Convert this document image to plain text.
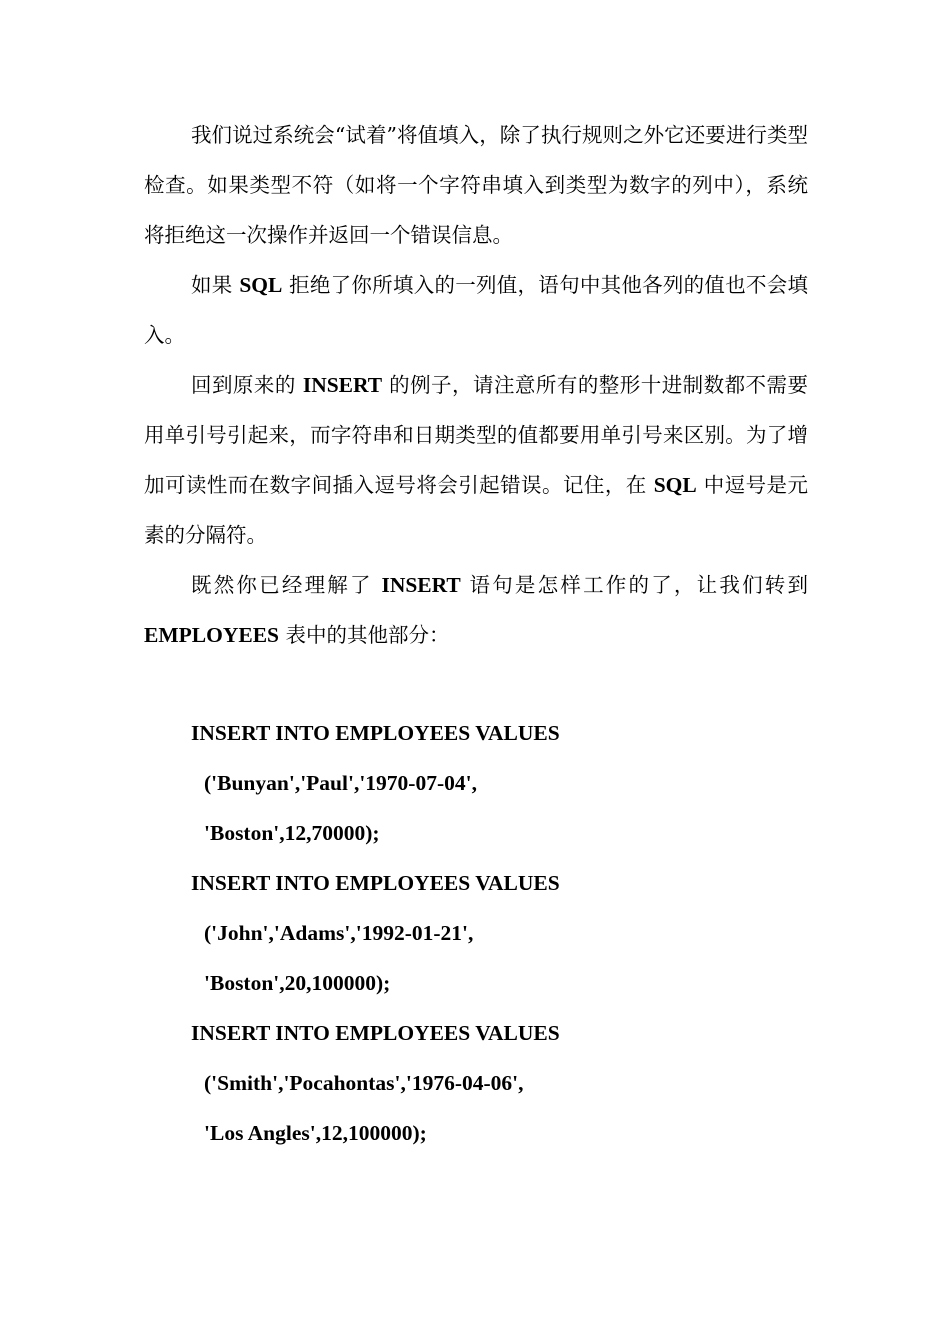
我们说过系统会“试着”将值填入，除了执行规则之外它还要进行类型检查。如果类型不符（如将一个字符串填入到类型为数字的列中），系统将拒绝这一次操作并返回一个错误信息。

如果 SQL 拒绝了你所填入的一列值，语句中其他各列的值也不会填入。

回到原来的 INSERT 的例子，请注意所有的整形十进制数都不需要用单引号引起来，而字符串和日期类型的值都要用单引号来区别。为了增加可读性而在数字间插入逗号将会引起错误。记住，在 SQL 中逗号是元素的分隔符。

既然你已经理解了 INSERT 语句是怎样工作的了，让我们转到 EMPLOYEES 表中的其他部分：

INSERT INTO EMPLOYEES VALUES
('Bunyan','Paul','1970-07-04',
'Boston',12,70000);
INSERT INTO EMPLOYEES VALUES
('John','Adams','1992-01-21',
'Boston',20,100000);
INSERT INTO EMPLOYEES VALUES
('Smith','Pocahontas','1976-04-06',
'Los Angles',12,100000);
